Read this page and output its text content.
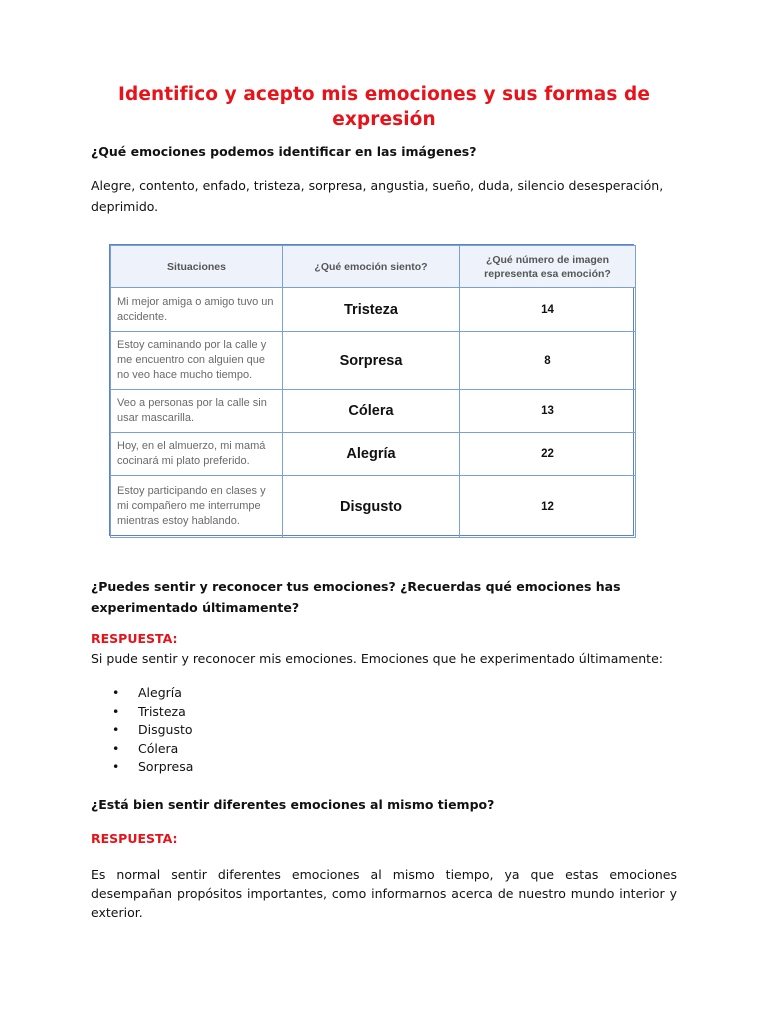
Identifico y acepto mis emociones y sus formas de expresión
¿Qué emociones podemos identificar en las imágenes?
Alegre, contento, enfado, tristeza, sorpresa, angustia, sueño, duda, silencio desesperación, deprimido.
Situaciones	¿Qué emoción siento?	¿Qué número de imagen representa esa emoción?
Mi mejor amiga o amigo tuvo un accidente.	Tristeza	14
Estoy caminando por la calle y me encuentro con alguien que no veo hace mucho tiempo.	Sorpresa	8
Veo a personas por la calle sin usar mascarilla.	Cólera	13
Hoy, en el almuerzo, mi mamá cocinará mi plato preferido.	Alegría	22
Estoy participando en clases y mi compañero me interrumpe mientras estoy hablando.	Disgusto	12
¿Puedes sentir y reconocer tus emociones? ¿Recuerdas qué emociones has experimentado últimamente?
RESPUESTA:
Si pude sentir y reconocer mis emociones. Emociones que he experimentado últimamente:
• Alegría
• Tristeza
• Disgusto
• Cólera
• Sorpresa
¿Está bien sentir diferentes emociones al mismo tiempo?
RESPUESTA:
Es normal sentir diferentes emociones al mismo tiempo, ya que estas emociones desempañan propósitos importantes, como informarnos acerca de nuestro mundo interior y exterior.
